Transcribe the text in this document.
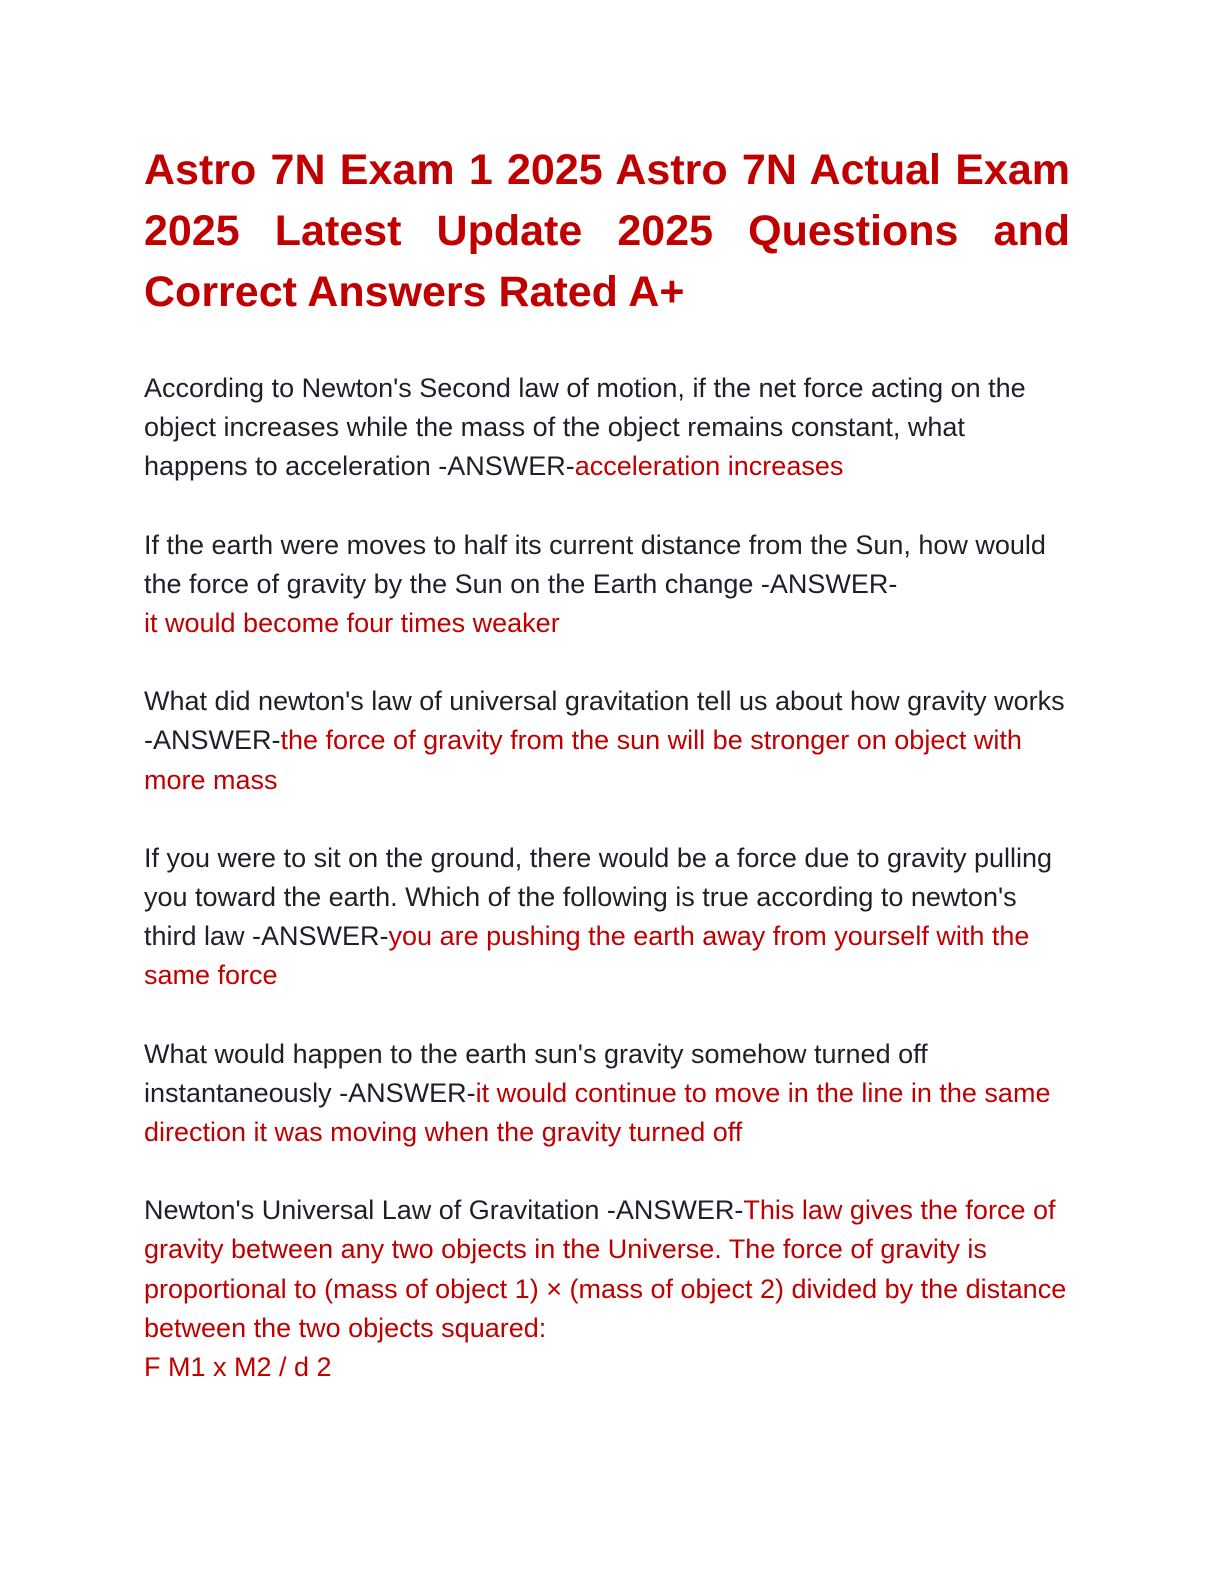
Astro 7N Exam 1 2025 Astro 7N Actual Exam 2025 Latest Update 2025 Questions and Correct Answers Rated A+

According to Newton's Second law of motion, if the net force acting on the object increases while the mass of the object remains constant, what happens to acceleration -ANSWER-acceleration increases

If the earth were moves to half its current distance from the Sun, how would the force of gravity by the Sun on the Earth change -ANSWER-
it would become four times weaker

What did newton's law of universal gravitation tell us about how gravity works -ANSWER-the force of gravity from the sun will be stronger on object with more mass

If you were to sit on the ground, there would be a force due to gravity pulling you toward the earth. Which of the following is true according to newton's third law -ANSWER-you are pushing the earth away from yourself with the same force

What would happen to the earth sun's gravity somehow turned off instantaneously -ANSWER-it would continue to move in the line in the same direction it was moving when the gravity turned off

Newton's Universal Law of Gravitation -ANSWER-This law gives the force of gravity between any two objects in the Universe. The force of gravity is proportional to (mass of object 1) × (mass of object 2) divided by the distance between the two objects squared:
F M1 x M2 / d 2
